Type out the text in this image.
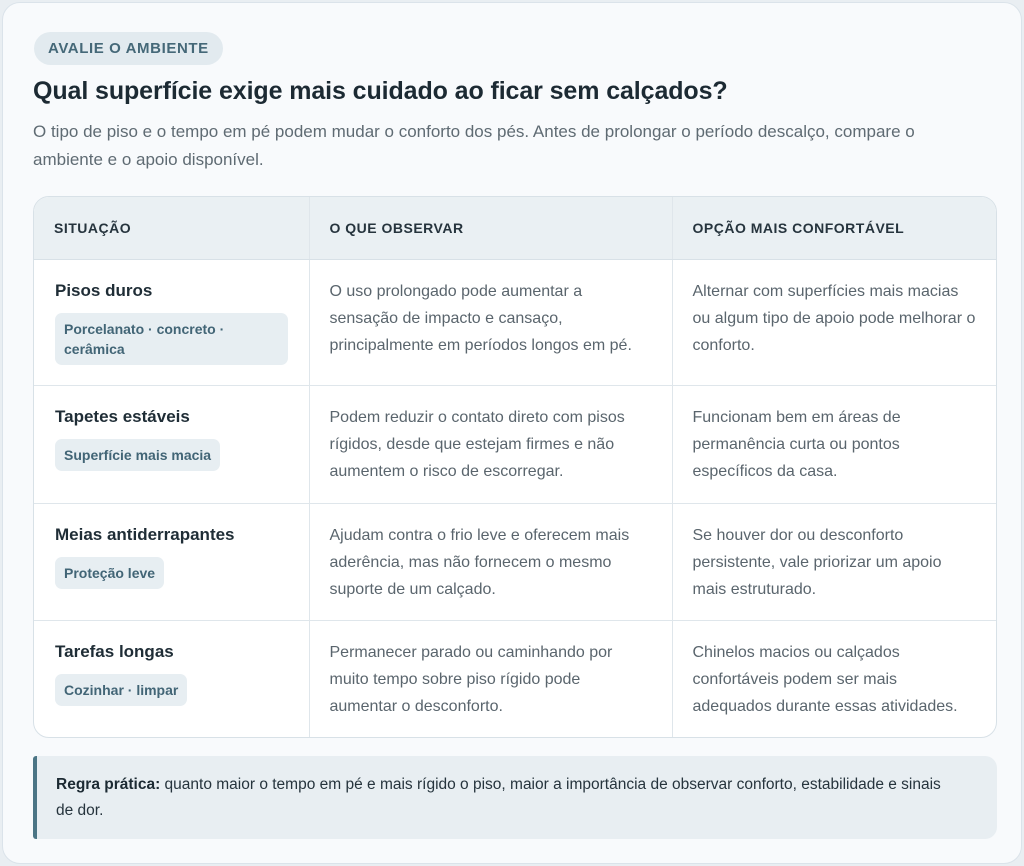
AVALIE O AMBIENTE
Qual superfície exige mais cuidado ao ficar sem calçados?

O tipo de piso e o tempo em pé podem mudar o conforto dos pés. Antes de prolongar o período descalço, compare o ambiente e o apoio disponível.

SITUAÇÃO	O QUE OBSERVAR	OPÇÃO MAIS CONFORTÁVEL

Pisos duros
Porcelanato · concreto · cerâmica	O uso prolongado pode aumentar a sensação de impacto e cansaço, principalmente em períodos longos em pé.	Alternar com superfícies mais macias ou algum tipo de apoio pode melhorar o conforto.

Tapetes estáveis
Superfície mais macia	Podem reduzir o contato direto com pisos rígidos, desde que estejam firmes e não aumentem o risco de escorregar.	Funcionam bem em áreas de permanência curta ou pontos específicos da casa.

Meias antiderrapantes
Proteção leve	Ajudam contra o frio leve e oferecem mais aderência, mas não fornecem o mesmo suporte de um calçado.	Se houver dor ou desconforto persistente, vale priorizar um apoio mais estruturado.

Tarefas longas
Cozinhar · limpar	Permanecer parado ou caminhando por muito tempo sobre piso rígido pode aumentar o desconforto.	Chinelos macios ou calçados confortáveis podem ser mais adequados durante essas atividades.
Regra prática: quanto maior o tempo em pé e mais rígido o piso, maior a importância de observar conforto, estabilidade e sinais de dor.
